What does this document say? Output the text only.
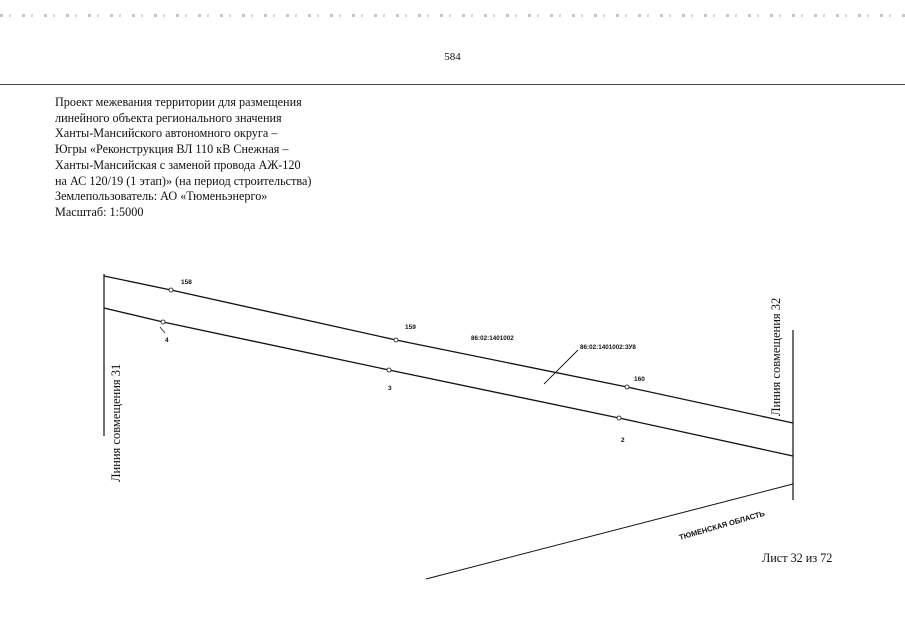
584
Проект межевания территории для размещения
линейного объекта регионального значения
Ханты-Мансийского автономного округа –
Югры «Реконструкция ВЛ 110 кВ Снежная –
Ханты-Мансийская с заменой провода АЖ-120
на АС 120/19 (1 этап)» (на период строительства)
Землепользователь: АО «Тюменьэнерго»
Масштаб: 1:5000
158
159
160
4
3
2
86:02:1401002
86:02:1401002:ЗУ8
ТЮМЕНСКАЯ ОБЛАСТЬ
Линия совмещения 31
Линия совмещения 32
Лист 32 из 72
